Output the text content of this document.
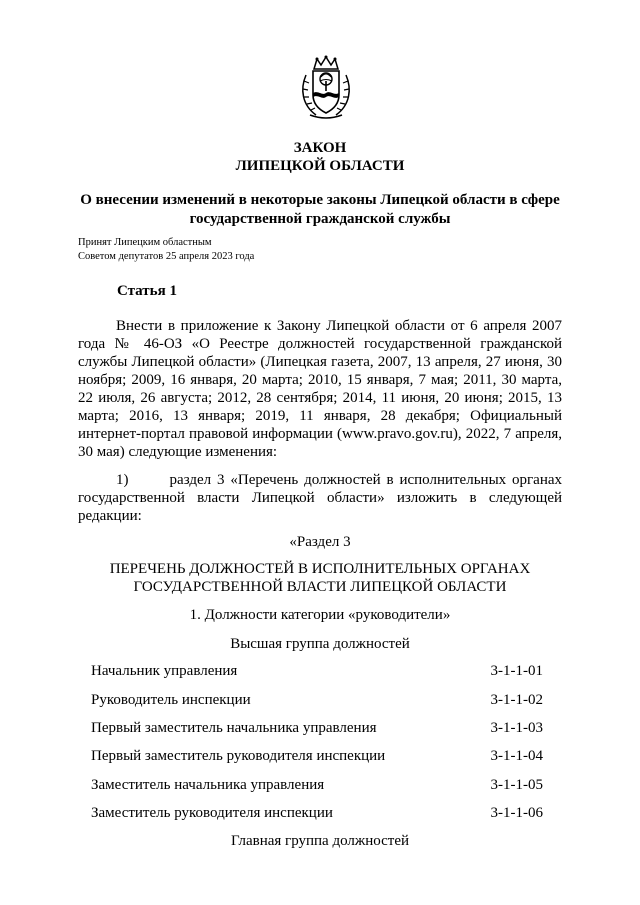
ЗАКОН
ЛИПЕЦКОЙ ОБЛАСТИ
О внесении изменений в некоторые законы Липецкой области в сфере государственной гражданской службы
Принят Липецким областным
Советом депутатов 25 апреля 2023 года
Статья 1
Внести в приложение к Закону Липецкой области от 6 апреля 2007 года № 46-ОЗ «О Реестре должностей государственной гражданской службы Липецкой области» (Липецкая газета, 2007, 13 апреля, 27 июня, 30 ноября; 2009, 16 января, 20 марта; 2010, 15 января, 7 мая; 2011, 30 марта, 22 июля, 26 августа; 2012, 28 сентября; 2014, 11 июня, 20 июня; 2015, 13 марта; 2016, 13 января; 2019, 11 января, 28 декабря; Официальный интернет-портал правовой информации (www.pravo.gov.ru), 2022, 7 апреля, 30 мая) следующие изменения:
1)	раздел 3 «Перечень должностей в исполнительных органах государственной власти Липецкой области» изложить в следующей редакции:
«Раздел 3
ПЕРЕЧЕНЬ ДОЛЖНОСТЕЙ В ИСПОЛНИТЕЛЬНЫХ ОРГАНАХ
ГОСУДАРСТВЕННОЙ ВЛАСТИ ЛИПЕЦКОЙ ОБЛАСТИ
1. Должности категории «руководители»
Высшая группа должностей
Начальник управления	3-1-1-01
Руководитель инспекции	3-1-1-02
Первый заместитель начальника управления	3-1-1-03
Первый заместитель руководителя инспекции	3-1-1-04
Заместитель начальника управления	3-1-1-05
Заместитель руководителя инспекции	3-1-1-06
Главная группа должностей
